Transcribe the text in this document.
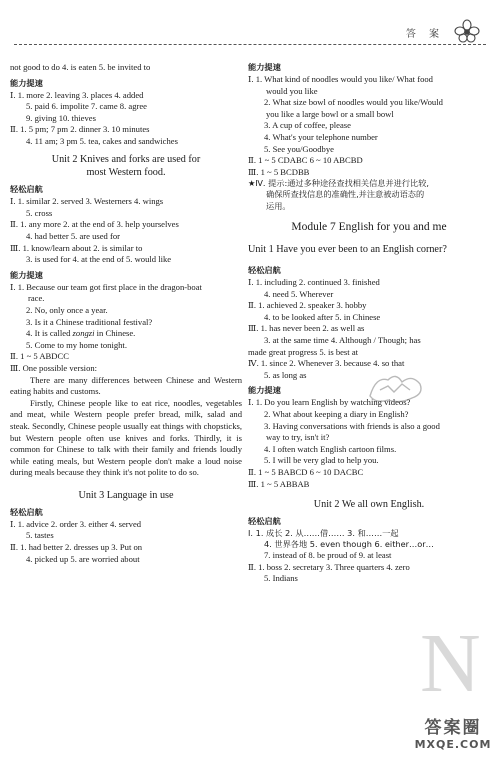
答 案
not good to do 4. is eaten 5. be invited to
能力提速
Ⅰ. 1. more 2. leaving 3. places 4. added
5. paid 6. impolite 7. came 8. agree
9. giving 10. thieves
Ⅱ. 1. 5 pm; 7 pm 2. dinner 3. 10 minutes
4. 11 am; 3 pm 5. tea, cakes and sandwiches
Unit 2 Knives and forks are used for
most Western food.
轻松启航
Ⅰ. 1. similar 2. served 3. Westerners 4. wings
5. cross
Ⅱ. 1. any more 2. at the end of 3. help yourselves
4. had better 5. are used for
Ⅲ. 1. know/learn about 2. is similar to
3. is used for 4. at the end of 5. would like
能力提速
Ⅰ. 1. Because our team got first place in the dragon-boat
race.
2. No, only once a year.
3. Is it a Chinese traditional festival?
4. It is called zongzi in Chinese.
5. Come to my home tonight.
Ⅱ. 1 ~ 5 ABDCC
Ⅲ. One possible version:
There are many differences between Chinese and Western eating habits and customs.
Firstly, Chinese people like to eat rice, noodles, vegetables and meat, while Western people prefer bread, milk, salad and steak. Secondly, Chinese people usually eat things with chopsticks, but Western people often use knives and forks. Thirdly, it is common for Chinese to talk with their family and friends loudly while eating meals, but Western people don't make a loud noise during meals because they think it's not polite to do so.
Unit 3 Language in use
轻松启航
Ⅰ. 1. advice 2. order 3. either 4. served
5. tastes
Ⅱ. 1. had better 2. dresses up 3. Put on
4. picked up 5. are worried about
能力提速
Ⅰ. 1. What kind of noodles would you like/ What food
would you like
2. What size bowl of noodles would you like/Would
you like a large bowl or a small bowl
3. A cup of coffee, please
4. What's your telephone number
5. See you/Goodbye
Ⅱ. 1 ~ 5 CDABC 6 ~ 10 ABCBD
Ⅲ. 1 ~ 5 BCDBB
★Ⅳ. 提示:通过多种途径查找相关信息并进行比较,
确保所查找信息的准确性,并注意被动语态的
运用。
Module 7 English for you and me
Unit 1 Have you ever been to an English corner?
轻松启航
Ⅰ. 1. including 2. continued 3. finished
4. need 5. Wherever
Ⅱ. 1. achieved 2. speaker 3. hobby
4. to be looked after 5. in Chinese
Ⅲ. 1. has never been 2. as well as
3. at the same time 4. Although / Though; has
made great progress 5. is best at
Ⅳ. 1. since 2. Whenever 3. because 4. so that
5. as long as
能力提速
Ⅰ. 1. Do you learn English by watching videos?
2. What about keeping a diary in English?
3. Having conversations with friends is also a good
way to try, isn't it?
4. I often watch English cartoon films.
5. I will be very glad to help you.
Ⅱ. 1 ~ 5 BABCD 6 ~ 10 DACBC
Ⅲ. 1 ~ 5 ABBAB
Unit 2 We all own English.
轻松启航
Ⅰ. 1. 成长 2. 从……借…… 3. 和……一起
4. 世界各地 5. even though 6. either…or…
7. instead of 8. be proud of 9. at least
Ⅱ. 1. boss 2. secretary 3. Three quarters 4. zero
5. Indians
N
答案圈
MXQE.COM
